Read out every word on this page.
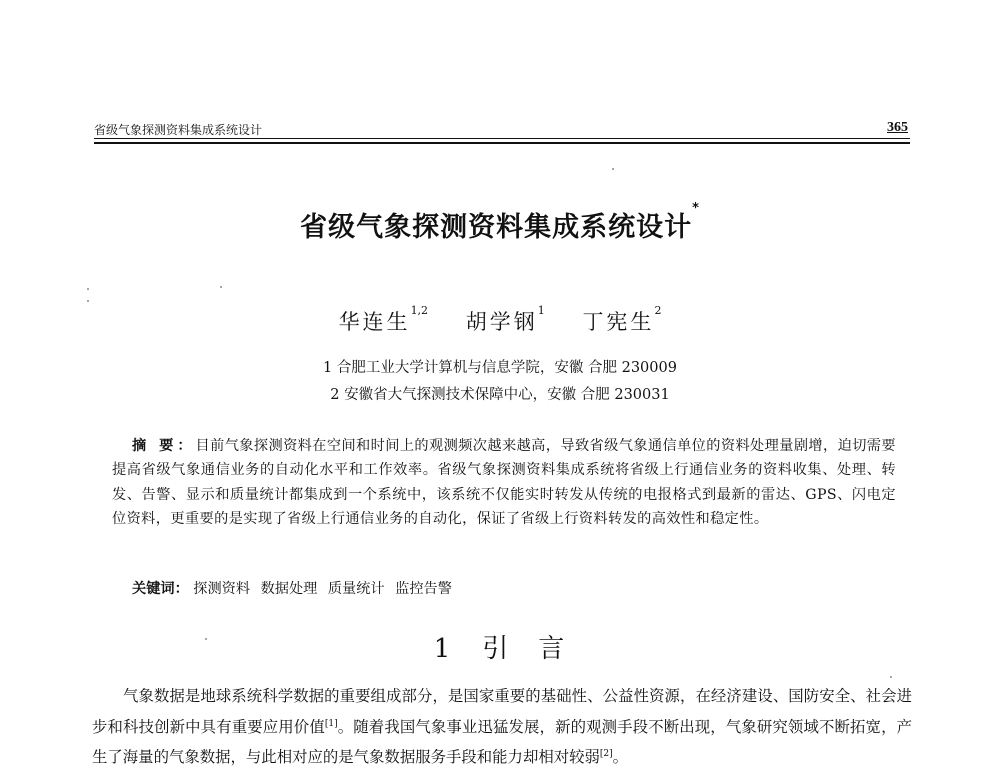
省级气象探测资料集成系统设计	365
省级气象探测资料集成系统设计*
华连生$^{1,2}$ 胡学钢$^1$ 丁宪生$^2$
1 合肥工业大学计算机与信息学院，安徽 合肥 230009
2 安徽省大气探测技术保障中心，安徽 合肥 230031
摘 要：目前气象探测资料在空间和时间上的观测频次越来越高，导致省级气象通信单位的资料处理量剧增，迫切需要提高省级气象通信业务的自动化水平和工作效率。省级气象探测资料集成系统将省级上行通信业务的资料收集、处理、转发、告警、显示和质量统计都集成到一个系统中，该系统不仅能实时转发从传统的电报格式到最新的雷达、GPS、闪电定位资料，更重要的是实现了省级上行通信业务的自动化，保证了省级上行资料转发的高效性和稳定性。
关键词： 探测资料 数据处理 质量统计 监控告警
1 引　言
气象数据是地球系统科学数据的重要组成部分，是国家重要的基础性、公益性资源，在经济建设、国防安全、社会进步和科技创新中具有重要应用价值[1]。随着我国气象事业迅猛发展，新的观测手段不断出现，气象研究领域不断拓宽，产生了海量的气象数据，与此相对应的是气象数据服务手段和能力却相对较弱[2]。
